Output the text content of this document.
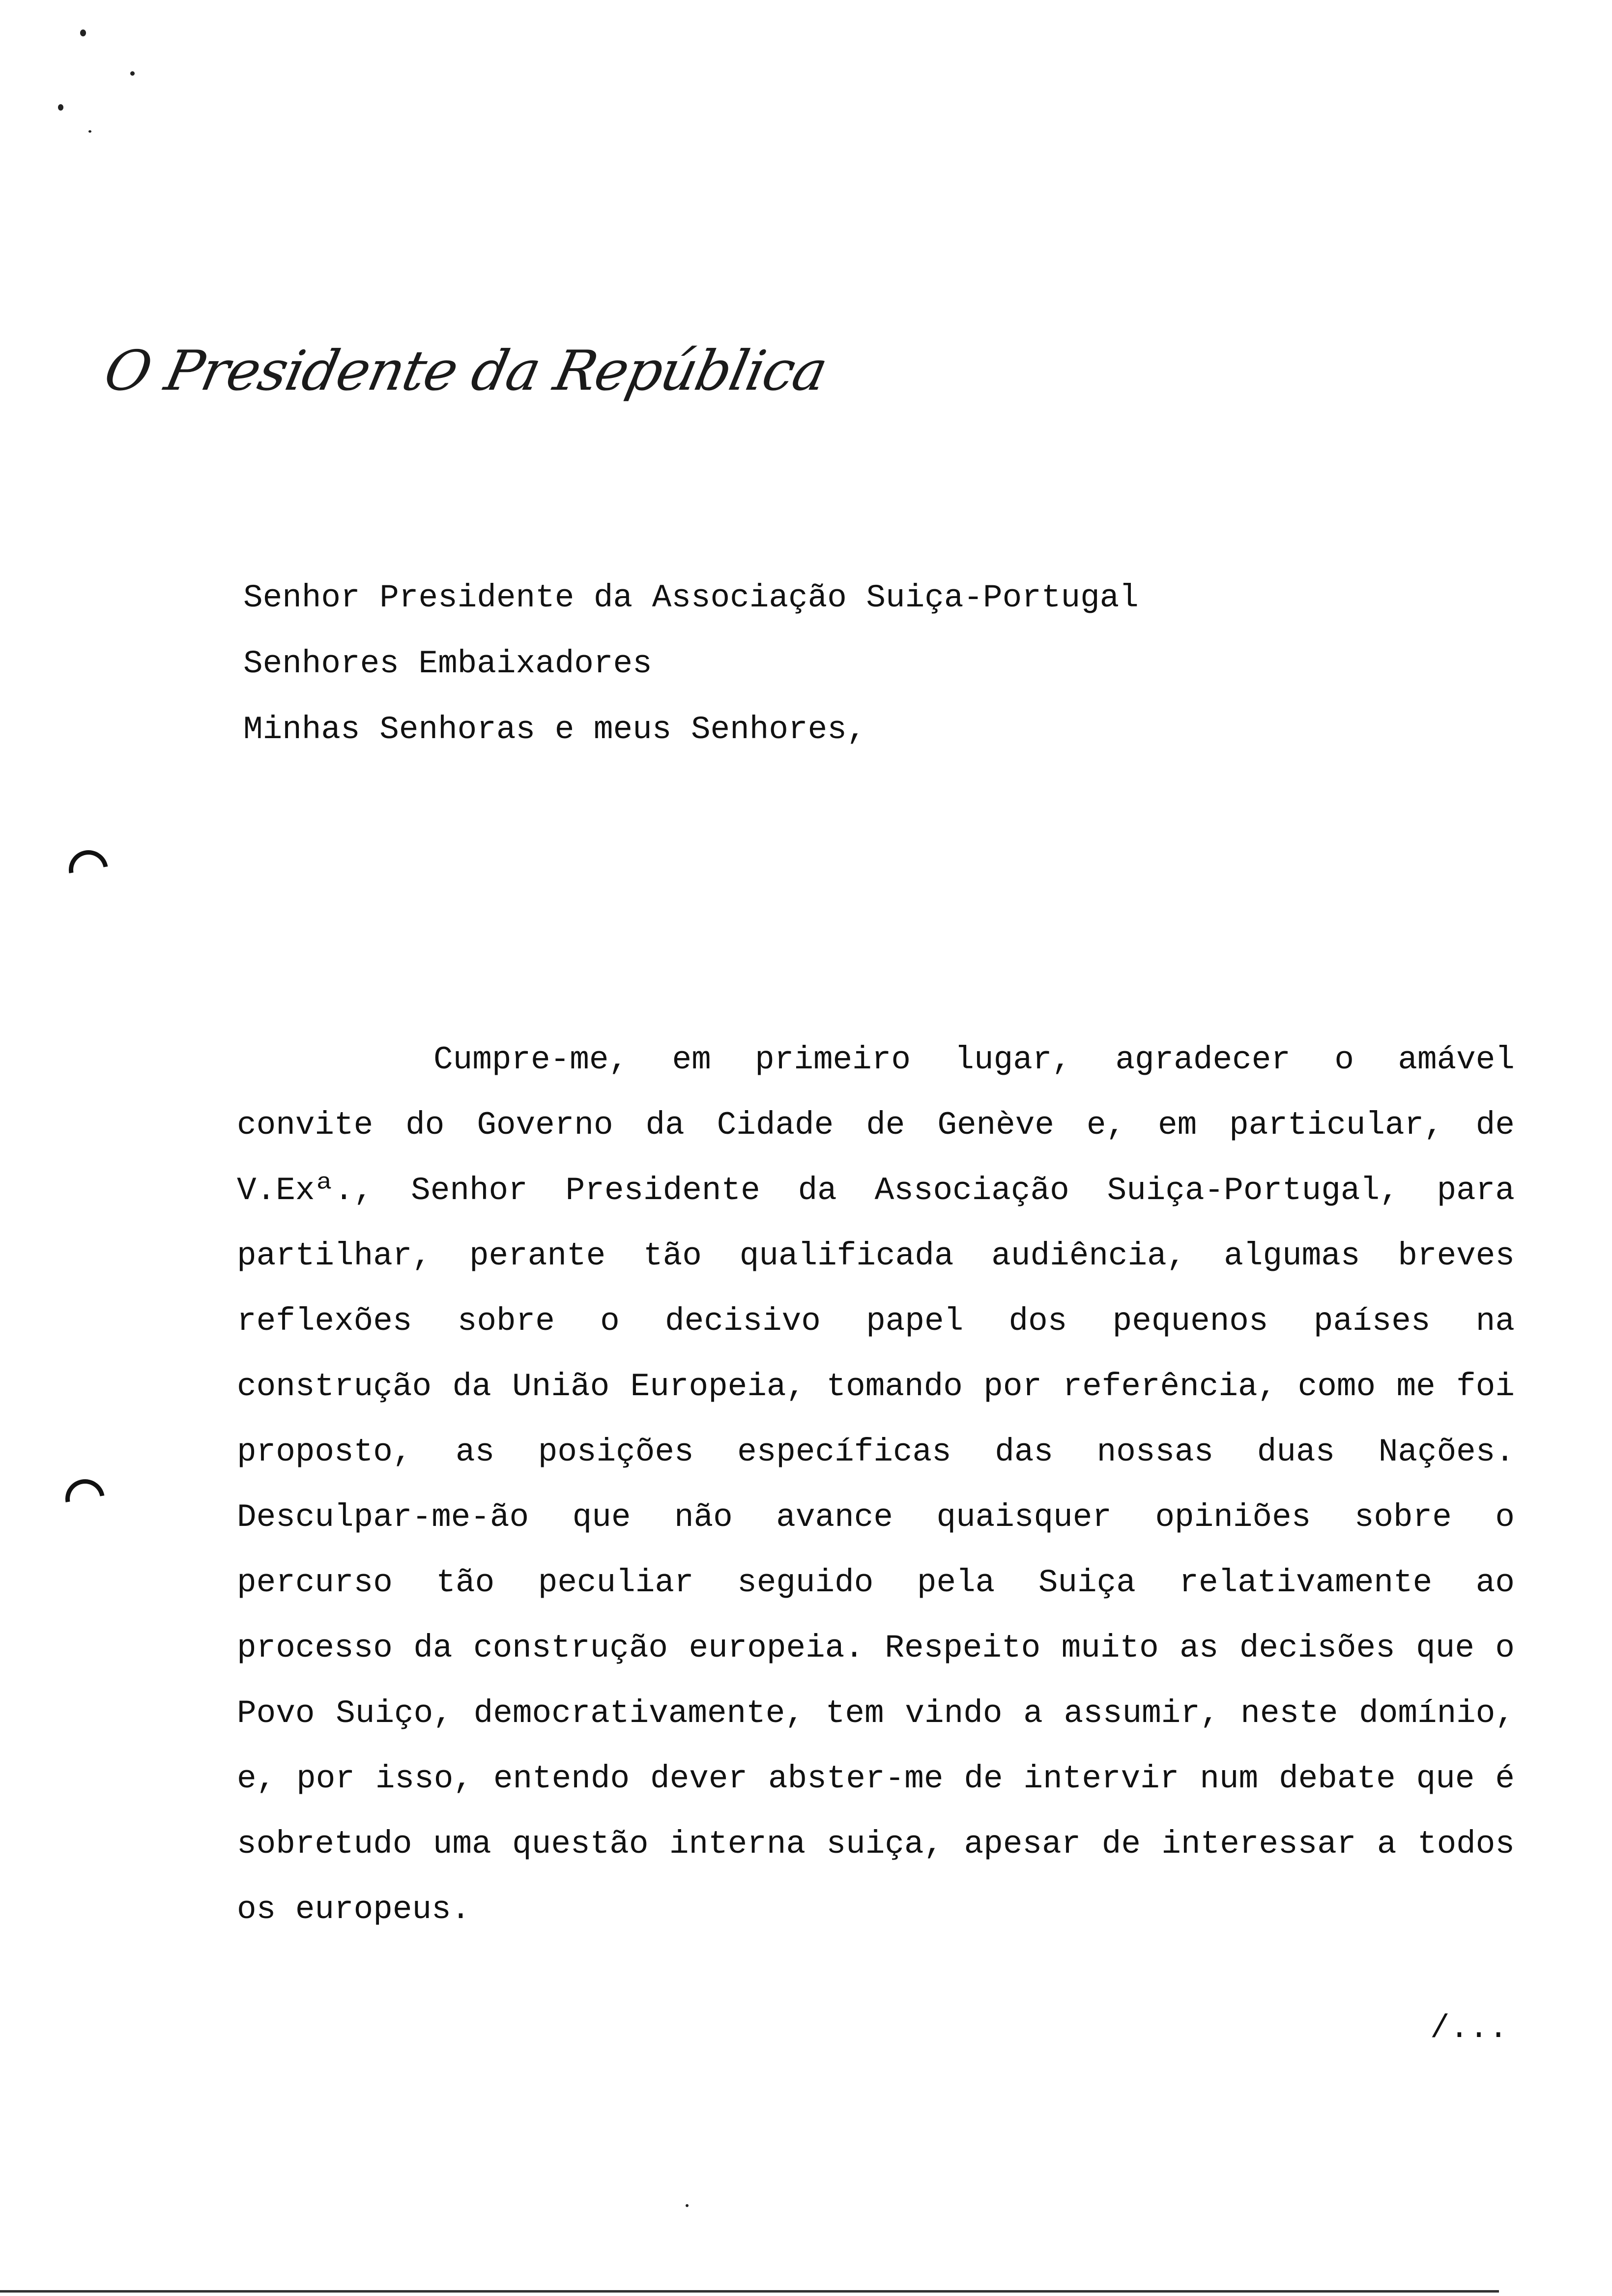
O Presidente da República
Senhor Presidente da Associação Suiça-Portugal
Senhores Embaixadores
Minhas Senhoras e meus Senhores,

Cumpre-me, em primeiro lugar, agradecer o amável convite do Governo da Cidade de Genève e, em particular, de V.Exª., Senhor Presidente da Associação Suiça-Portugal, para partilhar, perante tão qualificada audiência, algumas breves reflexões sobre o decisivo papel dos pequenos países na construção da União Europeia, tomando por referência, como me foi proposto, as posições específicas das nossas duas Nações. Desculpar-me-ão que não avance quaisquer opiniões sobre o percurso tão peculiar seguido pela Suiça relativamente ao processo da construção europeia. Respeito muito as decisões que o Povo Suiço, democrativamente, tem vindo a assumir, neste domínio, e, por isso, entendo dever abster-me de intervir num debate que é sobretudo uma questão interna suiça, apesar de interessar a todos os europeus.

/...
